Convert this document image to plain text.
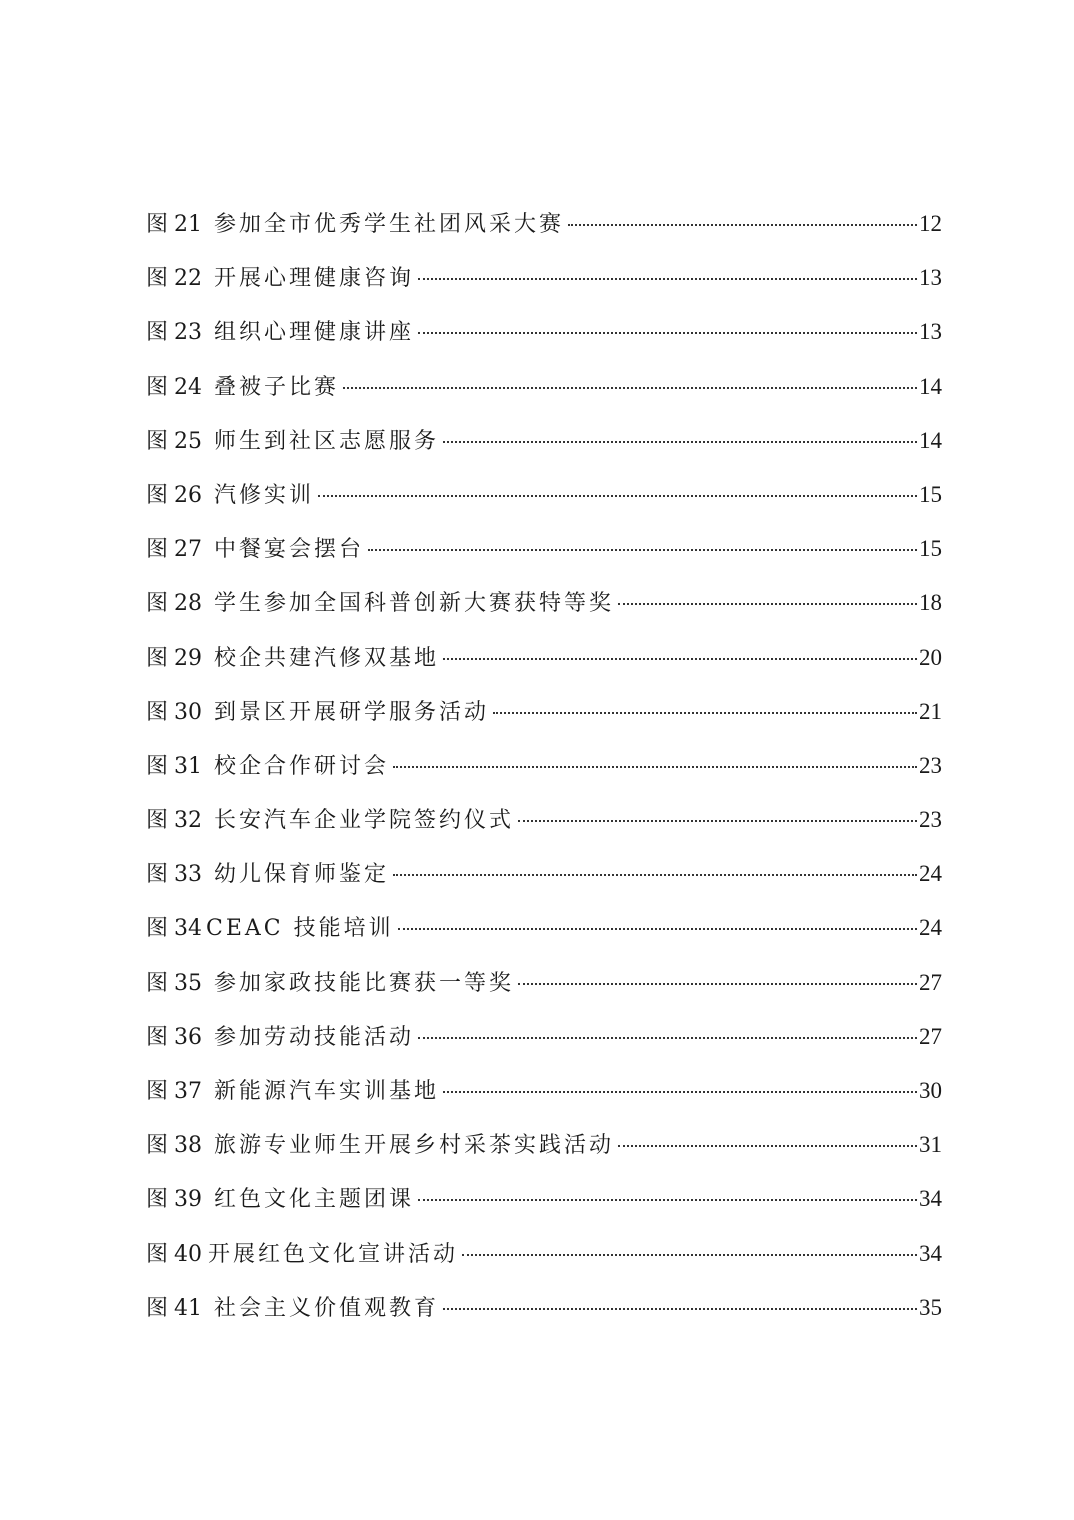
图 21 参加全市优秀学生社团风采大赛	12
图 22 开展心理健康咨询	13
图 23 组织心理健康讲座	13
图 24 叠被子比赛	14
图 25 师生到社区志愿服务	14
图 26 汽修实训	15
图 27 中餐宴会摆台	15
图 28 学生参加全国科普创新大赛获特等奖	18
图 29 校企共建汽修双基地	20
图 30 到景区开展研学服务活动	21
图 31 校企合作研讨会	23
图 32 长安汽车企业学院签约仪式	23
图 33 幼儿保育师鉴定	24
图 34 CEAC 技能培训	24
图 35 参加家政技能比赛获一等奖	27
图 36 参加劳动技能活动	27
图 37 新能源汽车实训基地	30
图 38 旅游专业师生开展乡村采茶实践活动	31
图 39 红色文化主题团课	34
图 40 开展红色文化宣讲活动	34
图 41 社会主义价值观教育	35
